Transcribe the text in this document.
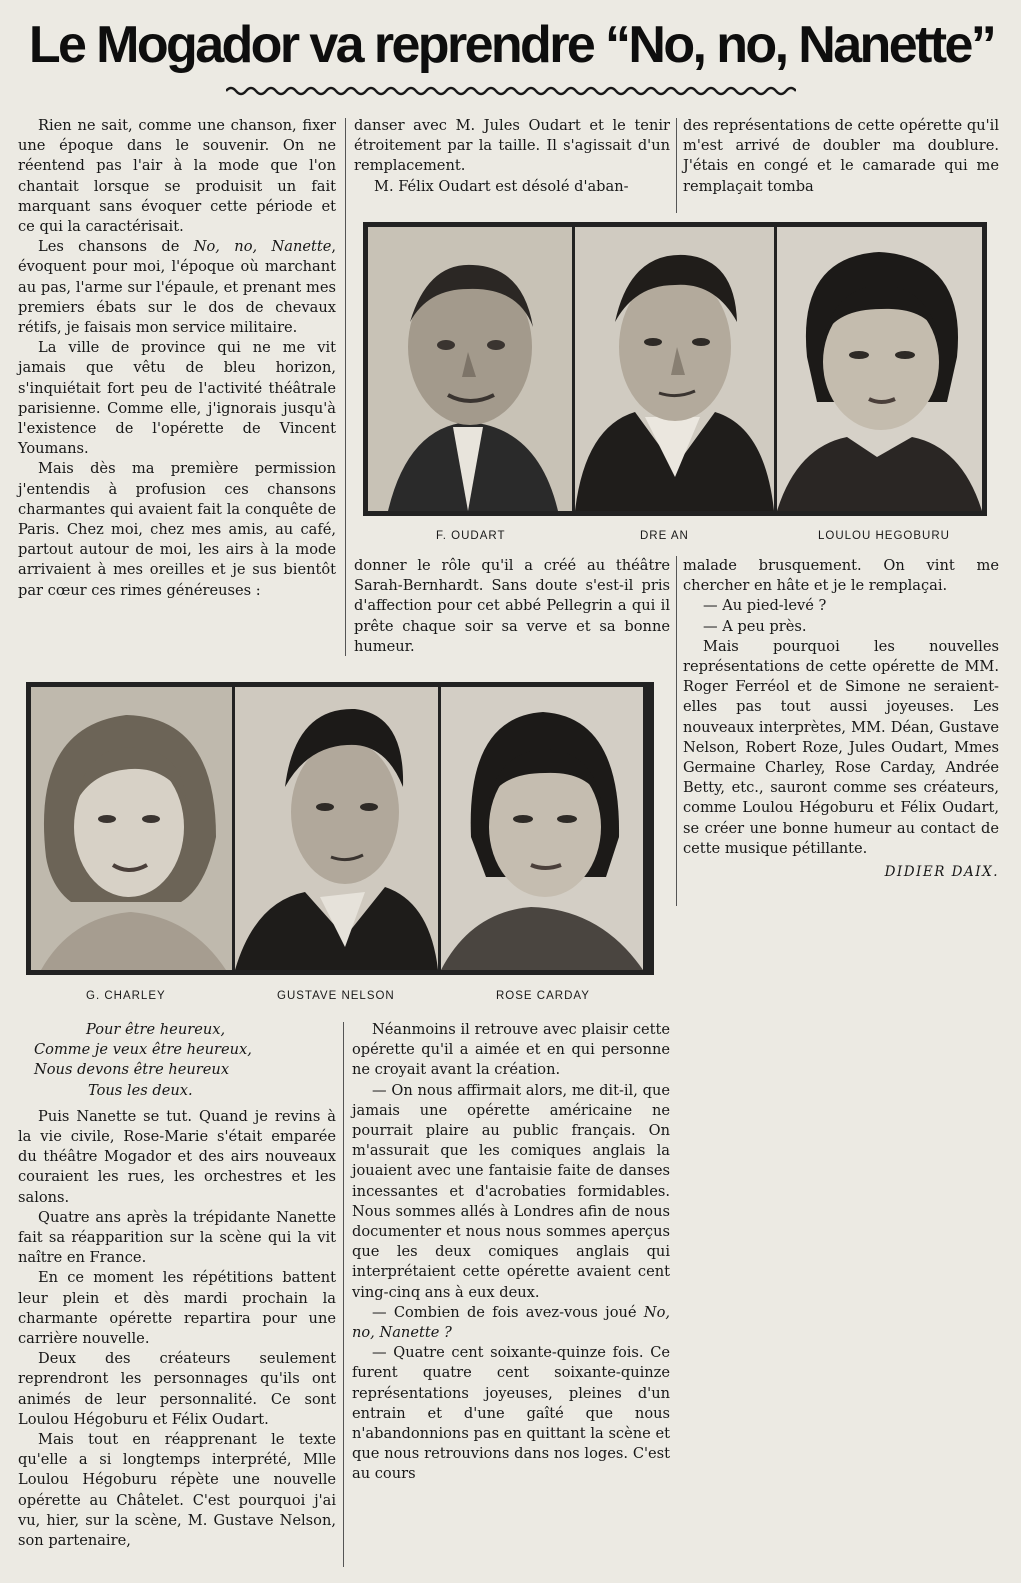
Le Mogador va reprendre “No, no, Nanette”

Rien ne sait, comme une chanson, fixer une époque dans le souvenir. On ne réentend pas l'air à la mode que l'on chantait lorsque se produisit un fait marquant sans évoquer cette période et ce qui la caractérisait.

Les chansons de No, no, Nanette, évoquent pour moi, l'époque où marchant au pas, l'arme sur l'épaule, et prenant mes premiers ébats sur le dos de chevaux rétifs, je faisais mon service militaire.

La ville de province qui ne me vit jamais que vêtu de bleu horizon, s'inquiétait fort peu de l'activité théâtrale parisienne. Comme elle, j'ignorais jusqu'à l'existence de l'opérette de Vincent Youmans.

Mais dès ma première permission j'entendis à profusion ces chansons charmantes qui avaient fait la conquête de Paris. Chez moi, chez mes amis, au café, partout autour de moi, les airs à la mode arrivaient à mes oreilles et je sus bientôt par cœur ces rimes généreuses :

danser avec M. Jules Oudart et le tenir étroitement par la taille. Il s'agissait d'un remplacement.

M. Félix Oudart est désolé d'aban-

des représentations de cette opérette qu'il m'est arrivé de doubler ma doublure. J'étais en congé et le camarade qui me remplaçait tomba

F. OUDART	DRE AN	LOULOU HEGOBURU

donner le rôle qu'il a créé au théâtre Sarah-Bernhardt. Sans doute s'est-il pris d'affection pour cet abbé Pellegrin a qui il prête chaque soir sa verve et sa bonne humeur.

malade brusquement. On vint me chercher en hâte et je le remplaçai.

— Au pied-levé ?

— A peu près.

Mais pourquoi les nouvelles représentations de cette opérette de MM. Roger Ferréol et de Simone ne seraient-elles pas tout aussi joyeuses. Les nouveaux interprètes, MM. Déan, Gustave Nelson, Robert Roze, Jules Oudart, Mmes Germaine Charley, Rose Carday, Andrée Betty, etc., sauront comme ses créateurs, comme Loulou Hégoburu et Félix Oudart, se créer une bonne humeur au contact de cette musique pétillante.

DIDIER DAIX.
G. CHARLEY	GUSTAVE NELSON	ROSE CARDAY
Pour être heureux,
Comme je veux être heureux,
Nous devons être heureux
Tous les deux.

Puis Nanette se tut. Quand je revins à la vie civile, Rose-Marie s'était emparée du théâtre Mogador et des airs nouveaux couraient les rues, les orchestres et les salons.

Quatre ans après la trépidante Nanette fait sa réapparition sur la scène qui la vit naître en France.

En ce moment les répétitions battent leur plein et dès mardi prochain la charmante opérette repartira pour une carrière nouvelle.

Deux des créateurs seulement reprendront les personnages qu'ils ont animés de leur personnalité. Ce sont Loulou Hégoburu et Félix Oudart.

Mais tout en réapprenant le texte qu'elle a si longtemps interprété, Mlle Loulou Hégoburu répète une nouvelle opérette au Châtelet. C'est pourquoi j'ai vu, hier, sur la scène, M. Gustave Nelson, son partenaire,

Néanmoins il retrouve avec plaisir cette opérette qu'il a aimée et en qui personne ne croyait avant la création.

— On nous affirmait alors, me dit-il, que jamais une opérette américaine ne pourrait plaire au public français. On m'assurait que les comiques anglais la jouaient avec une fantaisie faite de danses incessantes et d'acrobaties formidables. Nous sommes allés à Londres afin de nous documenter et nous nous sommes aperçus que les deux comiques anglais qui interprétaient cette opérette avaient cent ving-cinq ans à eux deux.

— Combien de fois avez-vous joué No, no, Nanette ?

— Quatre cent soixante-quinze fois. Ce furent quatre cent soixante-quinze représentations joyeuses, pleines d'un entrain et d'une gaîté que nous n'abandonnions pas en quittant la scène et que nous retrouvions dans nos loges. C'est au cours
